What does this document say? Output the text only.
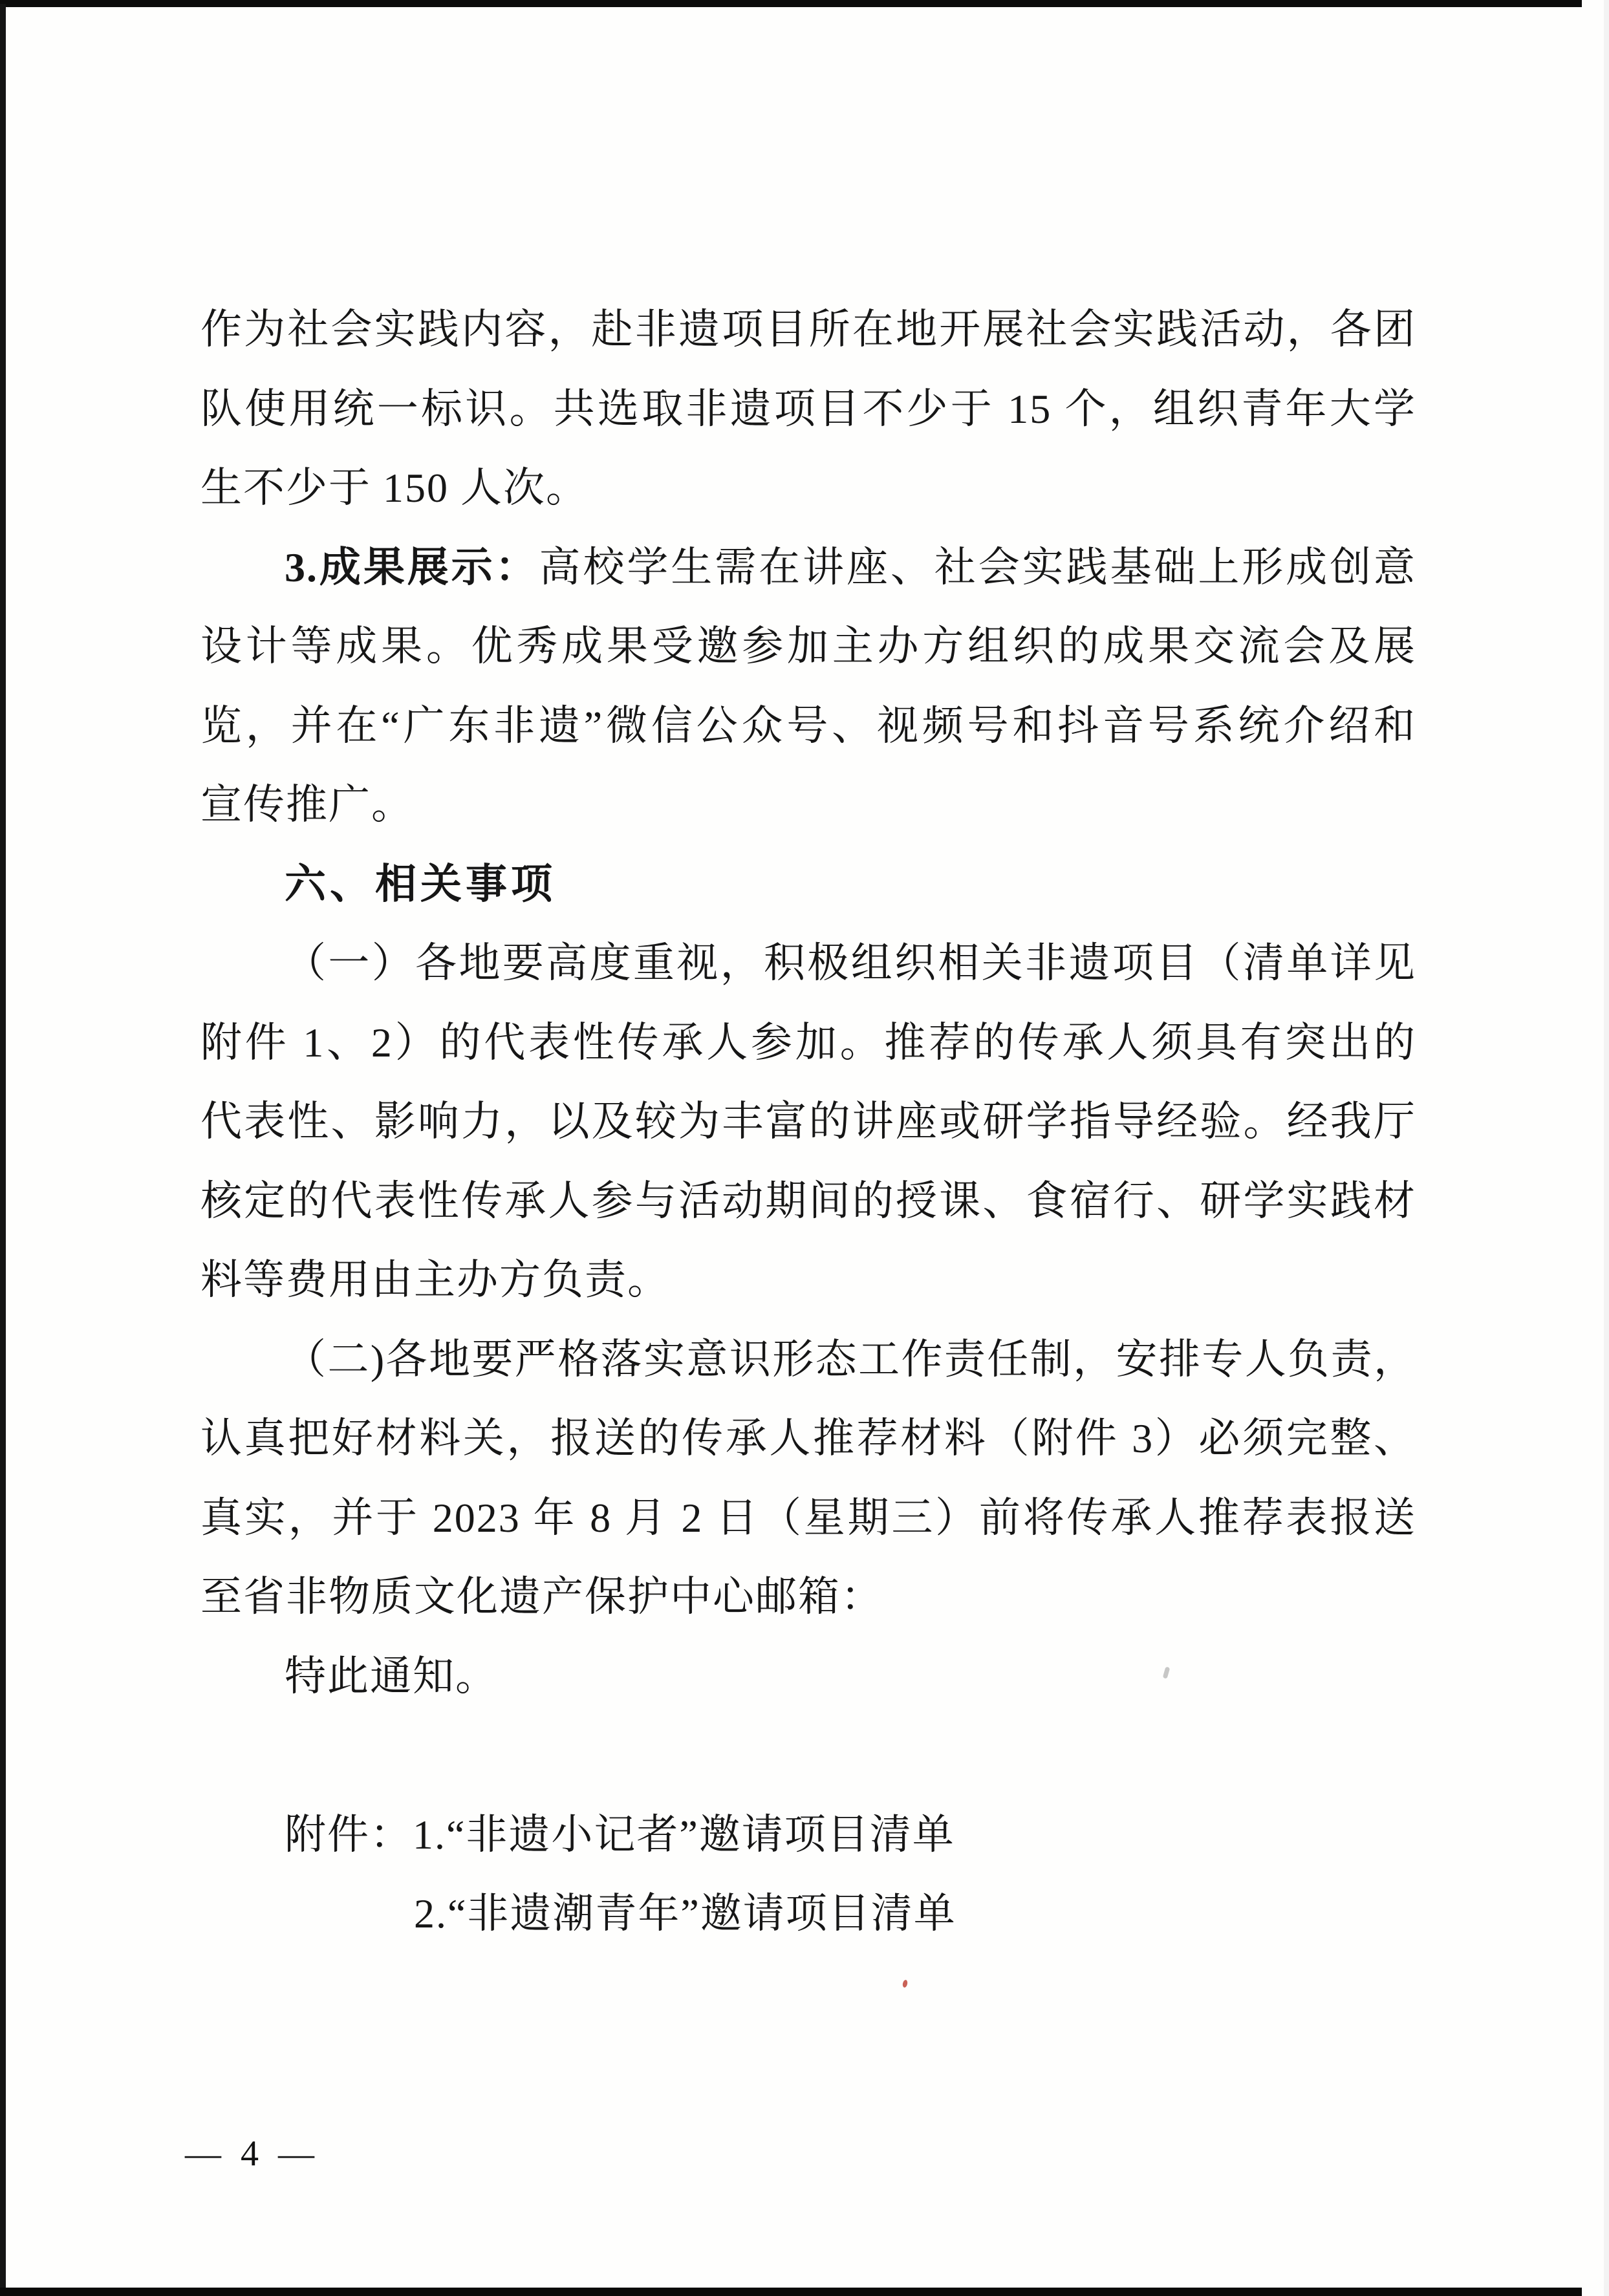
作为社会实践内容，赴非遗项目所在地开展社会实践活动，各团
队使用统一标识。共选取非遗项目不少于 15 个，组织青年大学
生不少于 150 人次。
3.成果展示：高校学生需在讲座、社会实践基础上形成创意
设计等成果。优秀成果受邀参加主办方组织的成果交流会及展
览，并在“广东非遗”微信公众号、视频号和抖音号系统介绍和
宣传推广。
六、相关事项
（一）各地要高度重视，积极组织相关非遗项目（清单详见
附件 1、2）的代表性传承人参加。推荐的传承人须具有突出的
代表性、影响力，以及较为丰富的讲座或研学指导经验。经我厅
核定的代表性传承人参与活动期间的授课、食宿行、研学实践材
料等费用由主办方负责。
（二)各地要严格落实意识形态工作责任制，安排专人负责，
认真把好材料关，报送的传承人推荐材料（附件 3）必须完整、
真实，并于 2023 年 8 月 2 日（星期三）前将传承人推荐表报送
至省非物质文化遗产保护中心邮箱：
特此通知。
附件：1.“非遗小记者”邀请项目清单
2.“非遗潮青年”邀请项目清单
— 4 —
